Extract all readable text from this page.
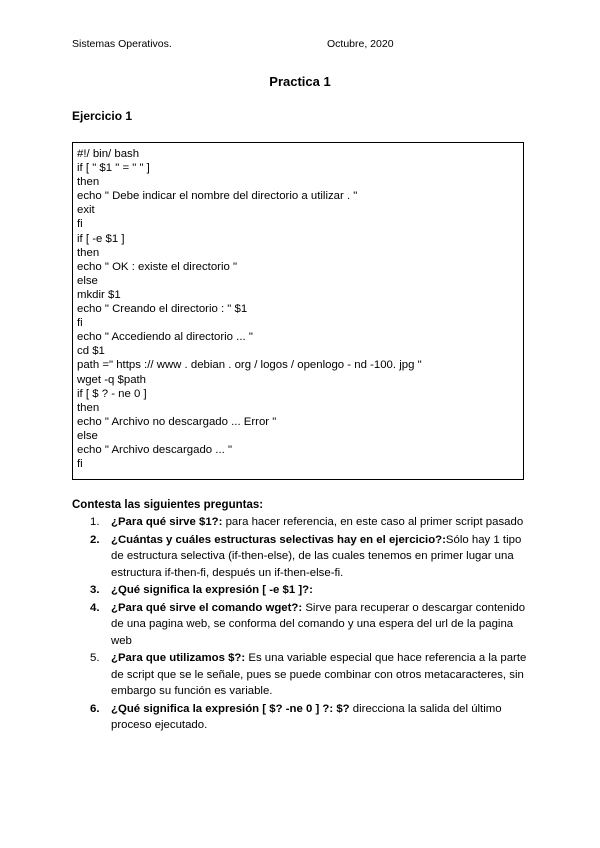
Sistemas Operativos.	Octubre, 2020
Practica 1
Ejercicio 1
#!/ bin/ bash
if [ " $1 " = " " ]
then
echo " Debe indicar el nombre del directorio a utilizar . "
exit
fi
if [ -e $1 ]
then
echo " OK : existe el directorio "
else
mkdir $1
echo " Creando el directorio : " $1
fi
echo " Accediendo al directorio ... "
cd $1
path =" https :// www . debian . org / logos / openlogo - nd -100. jpg "
wget -q $path
if [ $ ? - ne 0 ]
then
echo " Archivo no descargado ... Error "
else
echo " Archivo descargado ... "
fi
Contesta las siguientes preguntas:
1. ¿Para qué sirve $1?: para hacer referencia, en este caso al primer script pasado
2. ¿Cuántas y cuáles estructuras selectivas hay en el ejercicio?:Sólo hay 1 tipo de estructura selectiva (if-then-else), de las cuales tenemos en primer lugar una estructura if-then-fi, después un if-then-else-fi.
3. ¿Qué significa la expresión [ -e $1 ]?:
4. ¿Para qué sirve el comando wget?: Sirve para recuperar o descargar contenido de una pagina web, se conforma del comando y una espera del url de la pagina web
5. ¿Para que utilizamos $?: Es una variable especial que hace referencia a la parte de script que se le señale, pues se puede combinar con otros metacaracteres, sin embargo su función es variable.
6. ¿Qué significa la expresión [ $? -ne 0 ] ?: $? direcciona la salida del último proceso ejecutado.
